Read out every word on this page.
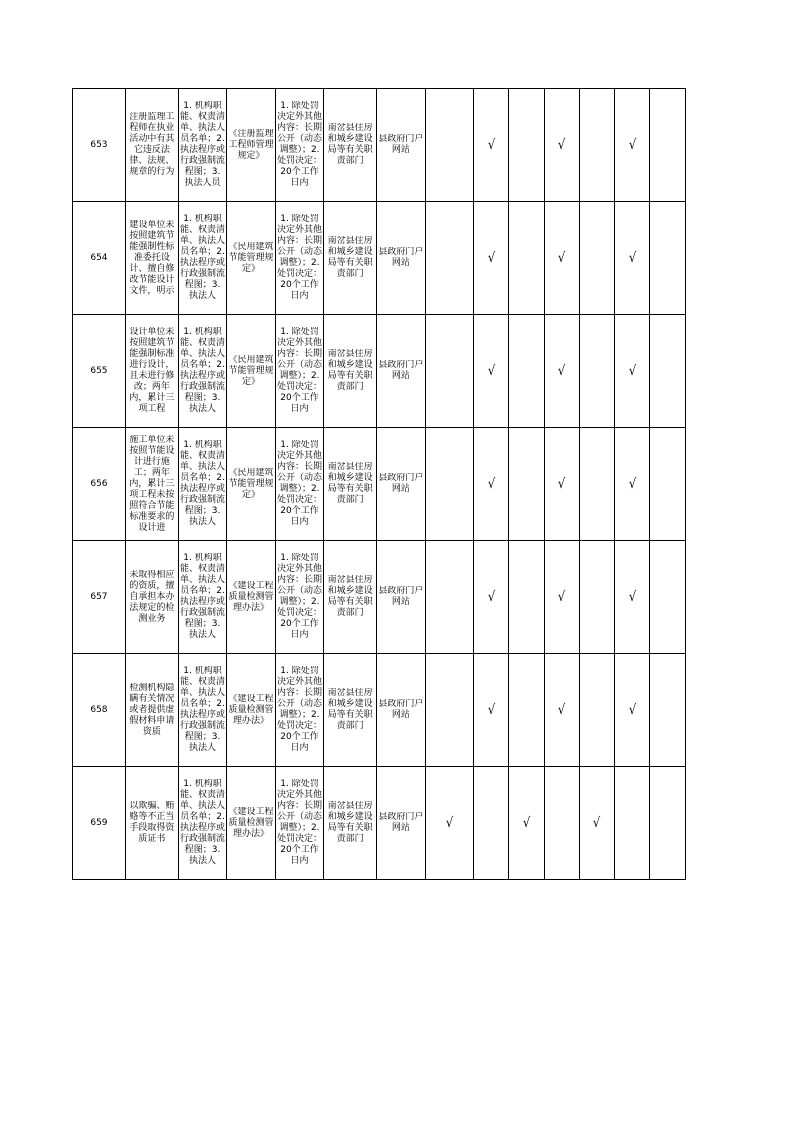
653	注册监理工程师在执业活动中有其它违反法律、法规、规章的行为	1. 机构职能、权责清单、执法人员名单；2. 执法程序或行政强制流程图；3. 执法人员	《注册监理工程师管理规定》	1. 除处罚决定外其他内容：长期公开（动态调整）；2. 处罚决定：20个工作日内	南岔县住房和城乡建设局等有关职责部门	县政府门户网站		√		√		√	
654	建设单位未按照建筑节能强制性标准委托设计、擅自修改节能设计文件，明示	1. 机构职能、权责清单、执法人员名单；2. 执法程序或行政强制流程图；3. 执法人	《民用建筑节能管理规定》	1. 除处罚决定外其他内容：长期公开（动态调整）；2. 处罚决定：20个工作日内	南岔县住房和城乡建设局等有关职责部门	县政府门户网站		√		√		√	
655	设计单位未按照建筑节能强制标准进行设计，且未进行修改；两年内，累计三项工程	1. 机构职能、权责清单、执法人员名单；2. 执法程序或行政强制流程图；3. 执法人	《民用建筑节能管理规定》	1. 除处罚决定外其他内容：长期公开（动态调整）；2. 处罚决定：20个工作日内	南岔县住房和城乡建设局等有关职责部门	县政府门户网站		√		√		√	
656	施工单位未按照节能设计进行施工；两年内，累计三项工程未按照符合节能标准要求的设计进	1. 机构职能、权责清单、执法人员名单；2. 执法程序或行政强制流程图；3. 执法人	《民用建筑节能管理规定》	1. 除处罚决定外其他内容：长期公开（动态调整）；2. 处罚决定：20个工作日内	南岔县住房和城乡建设局等有关职责部门	县政府门户网站		√		√		√	
657	未取得相应的资质，擅自承担本办法规定的检测业务	1. 机构职能、权责清单、执法人员名单；2. 执法程序或行政强制流程图；3. 执法人	《建设工程质量检测管理办法》	1. 除处罚决定外其他内容：长期公开（动态调整）；2. 处罚决定：20个工作日内	南岔县住房和城乡建设局等有关职责部门	县政府门户网站		√		√		√	
658	检测机构隐瞒有关情况或者提供虚假材料申请资质	1. 机构职能、权责清单、执法人员名单；2. 执法程序或行政强制流程图；3. 执法人	《建设工程质量检测管理办法》	1. 除处罚决定外其他内容：长期公开（动态调整）；2. 处罚决定：20个工作日内	南岔县住房和城乡建设局等有关职责部门	县政府门户网站		√		√		√	
659	以欺骗、贿赂等不正当手段取得资质证书	1. 机构职能、权责清单、执法人员名单；2. 执法程序或行政强制流程图；3. 执法人	《建设工程质量检测管理办法》	1. 除处罚决定外其他内容：长期公开（动态调整）；2. 处罚决定：20个工作日内	南岔县住房和城乡建设局等有关职责部门	县政府门户网站	√		√		√		
